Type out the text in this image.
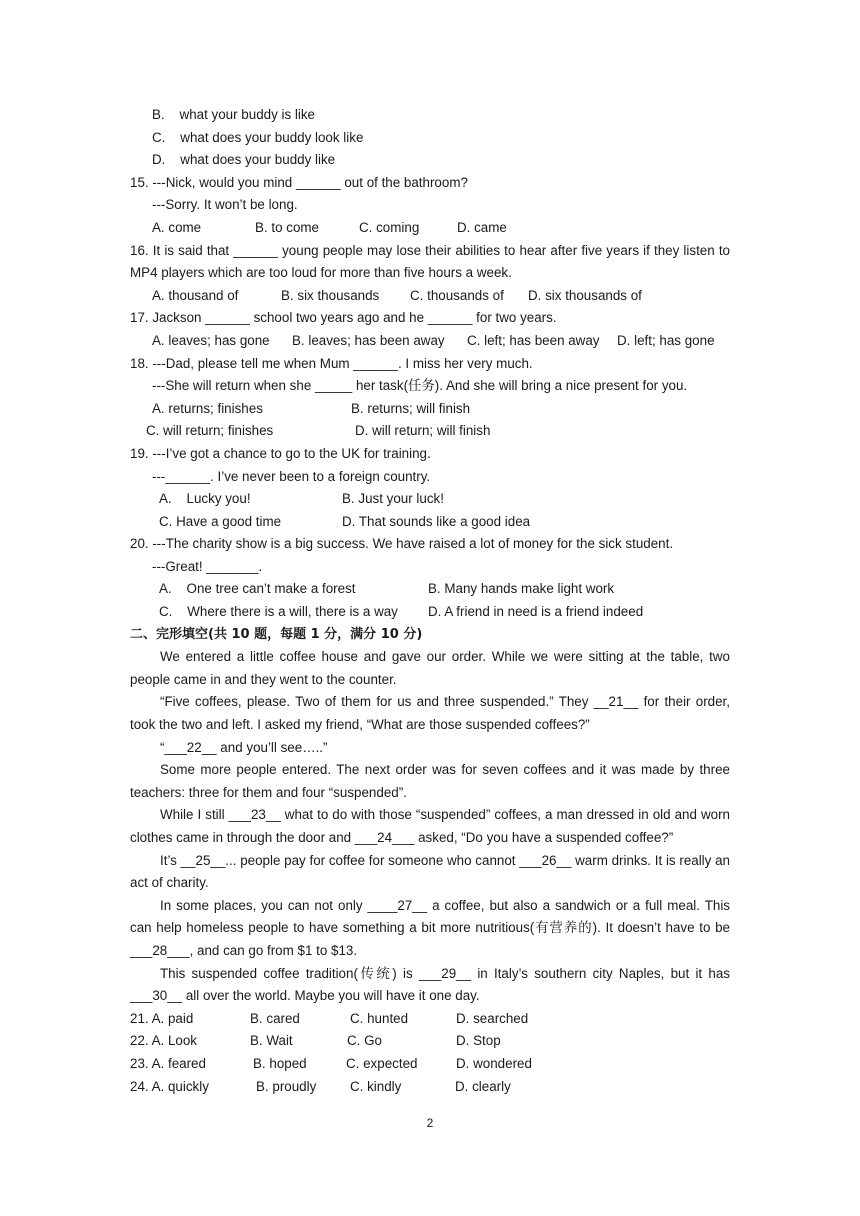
B.    what your buddy is like
C.    what does your buddy look like
D.    what does your buddy like
15. ---Nick, would you mind ______ out of the bathroom?
---Sorry. It won’t be long.
A. come	B. to come	C. coming	D. came
16. It is said that ______ young people may lose their abilities to hear after five years if they listen to MP4 players which are too loud for more than five hours a week.
A. thousand of	B. six thousands	C. thousands of	D. six thousands of
17. Jackson ______ school two years ago and he ______ for two years.
A. leaves; has gone	B. leaves; has been away	C. left; has been away	D. left; has gone
18. ---Dad, please tell me when Mum ______. I miss her very much.
---She will return when she _____ her task(任务). And she will bring a nice present for you.
A. returns; finishes	B. returns; will finish
C. will return; finishes	D. will return; will finish
19. ---I’ve got a chance to go to the UK for training.
---______. I’ve never been to a foreign country.
A.    Lucky you!	B. Just your luck!
C. Have a good time	D. That sounds like a good idea
20. ---The charity show is a big success. We have raised a lot of money for the sick student.
---Great! _______.
A.    One tree can’t make a forest	B. Many hands make light work
C.    Where there is a will, there is a way	D. A friend in need is a friend indeed
二、完形填空(共 10 题，每题 1 分，满分 10 分)
We entered a little coffee house and gave our order. While we were sitting at the table, two people came in and they went to the counter.
“Five coffees, please. Two of them for us and three suspended.” They __21__ for their order, took the two and left. I asked my friend, “What are those suspended coffees?”
“___22__ and you’ll see…..”
Some more people entered. The next order was for seven coffees and it was made by three teachers: three for them and four “suspended”.
While I still ___23__ what to do with those “suspended” coffees, a man dressed in old and worn clothes came in through the door and ___24___ asked, “Do you have a suspended coffee?”
It’s __25__... people pay for coffee for someone who cannot ___26__ warm drinks. It is really an act of charity.
In some places, you can not only ____27__ a coffee, but also a sandwich or a full meal. This can help homeless people to have something a bit more nutritious(有营养的). It doesn’t have to be ___28___, and can go from $1 to $13.
This suspended coffee tradition(传统) is ___29__ in Italy’s southern city Naples, but it has ___30__ all over the world. Maybe you will have it one day.
21. A. paid	B. cared	C. hunted	D. searched
22. A. Look	B. Wait	C. Go	D. Stop
23. A. feared	B. hoped	C. expected	D. wondered
24. A. quickly	B. proudly	C. kindly	D. clearly
2
